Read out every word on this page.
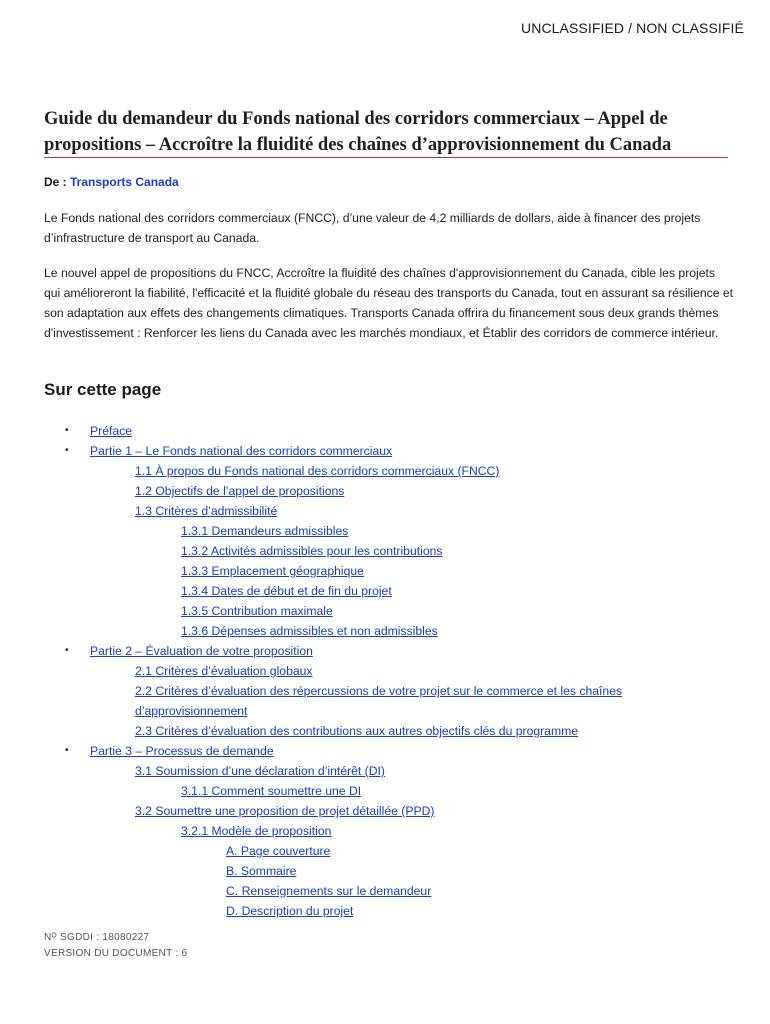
UNCLASSIFIED / NON CLASSIFIÉ
Guide du demandeur du Fonds national des corridors commerciaux – Appel de
propositions – Accroître la fluidité des chaînes d’approvisionnement du Canada
De : Transports Canada

Le Fonds national des corridors commerciaux (FNCC), d’une valeur de 4,2 milliards de dollars, aide à financer des projets d’infrastructure de transport au Canada.

Le nouvel appel de propositions du FNCC, Accroître la fluidité des chaînes d'approvisionnement du Canada, cible les projets qui amélioreront la fiabilité, l'efficacité et la fluidité globale du réseau des transports du Canada, tout en assurant sa résilience et son adaptation aux effets des changements climatiques. Transports Canada offrira du financement sous deux grands thèmes d'investissement : Renforcer les liens du Canada avec les marchés mondiaux, et Établir des corridors de commerce intérieur.

Sur cette page
• Préface
• Partie 1 – Le Fonds national des corridors commerciaux
1.1 À propos du Fonds national des corridors commerciaux (FNCC)
1.2 Objectifs de l’appel de propositions
1.3 Critères d’admissibilité
1.3.1 Demandeurs admissibles
1.3.2 Activités admissibles pour les contributions
1.3.3 Emplacement géographique
1.3.4 Dates de début et de fin du projet
1.3.5 Contribution maximale
1.3.6 Dépenses admissibles et non admissibles
• Partie 2 – Évaluation de votre proposition
2.1 Critères d’évaluation globaux
2.2 Critères d’évaluation des répercussions de votre projet sur le commerce et les chaînes
d’approvisionnement
2.3 Critères d’évaluation des contributions aux autres objectifs clés du programme
• Partie 3 – Processus de demande
3.1 Soumission d’une déclaration d’intérêt (DI)
3.1.1 Comment soumettre une DI
3.2 Soumettre une proposition de projet détaillée (PPD)
3.2.1 Modèle de proposition
A. Page couverture
B. Sommaire
C. Renseignements sur le demandeur
D. Description du projet
Nᴼ SGDDI : 18080227
VERSION DU DOCUMENT : 6
